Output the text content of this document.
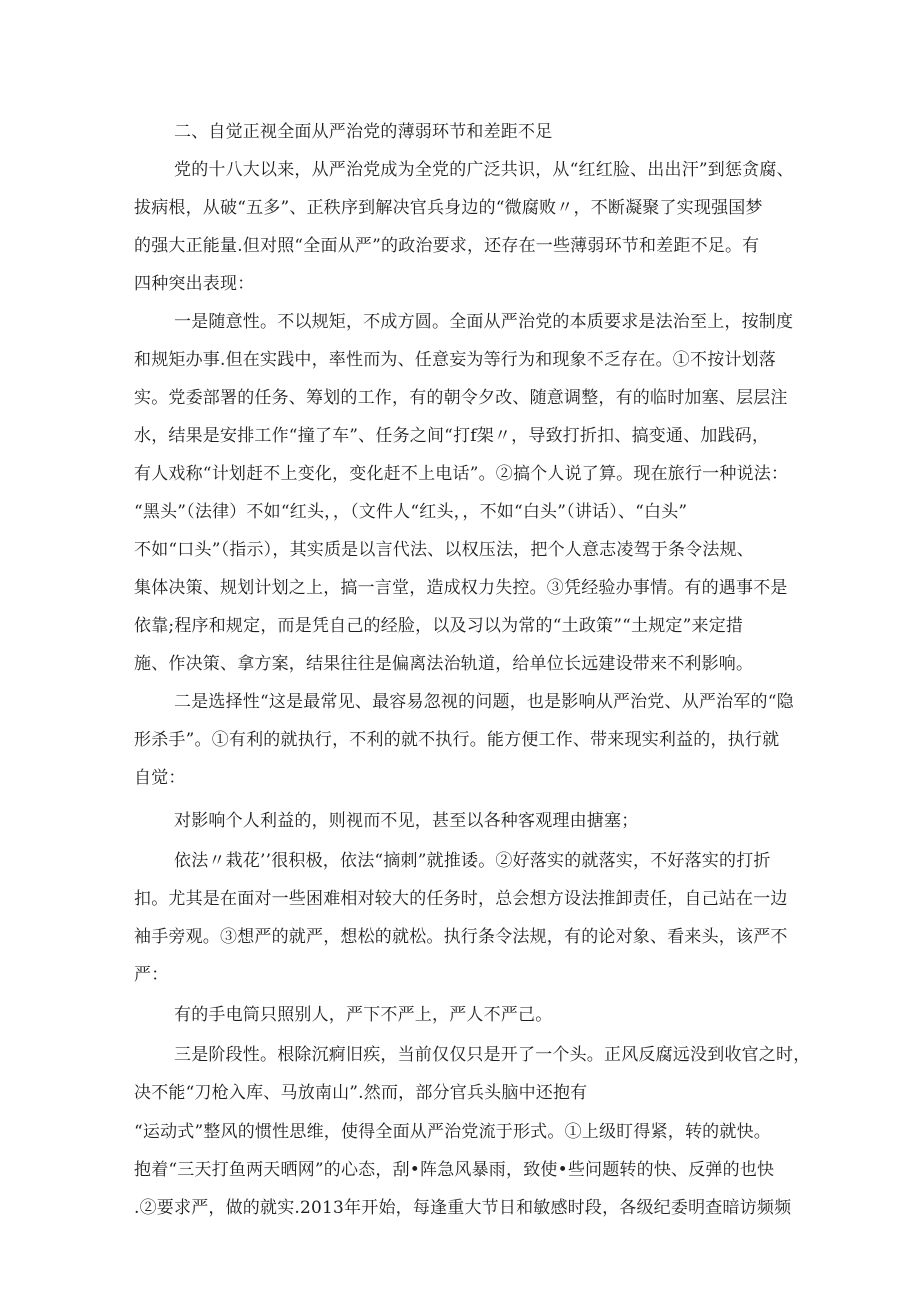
二、自觉正视全面从严治党的薄弱环节和差距不足
党的十八大以来，从严治党成为全党的广泛共识，从“红红脸、出出汗”到惩贪腐、
拔病根，从破“五多”、正秩序到解决官兵身边的“微腐败〃，不断凝聚了实现强国梦
的强大正能量.但对照“全面从严”的政治要求，还存在一些薄弱环节和差距不足。有
四种突出表现：
一是随意性。不以规矩，不成方圆。全面从严治党的本质要求是法治至上，按制度
和规矩办事.但在实践中，率性而为、任意妄为等行为和现象不乏存在。①不按计划落
实。党委部署的任务、筹划的工作，有的朝令夕改、随意调整，有的临时加塞、层层注
水，结果是安排工作“撞了车”、任务之间“打f架〃，导致打折扣、搞变通、加践码，
有人戏称“计划赶不上变化，变化赶不上电话”。②搞个人说了算。现在旅行一种说法：
“黑头”（法律）不如“红头，，（文件人“红头，，不如“白头”（讲话）、“白头”
不如“口头”（指示），其实质是以言代法、以权压法，把个人意志凌驾于条令法规、
集体决策、规划计划之上，搞一言堂，造成权力失控。③凭经验办事情。有的遇事不是
依靠;程序和规定，而是凭自己的经脸，以及习以为常的“土政策”“土规定”来定措
施、作决策、拿方案，结果往往是偏离法治轨道，给单位长远建设带来不利影响。
二是选择性“这是最常见、最容易忽视的问题，也是影响从严治党、从严治军的“隐
形杀手”。①有利的就执行，不利的就不执行。能方便工作、带来现实利益的，执行就
自觉：
对影响个人利益的，则视而不见，甚至以各种客观理由搪塞；
依法〃栽花’’很积极，依法“摘刺”就推诿。②好落实的就落实，不好落实的打折
扣。尤其是在面对一些困难相对较大的任务时，总会想方设法推卸责任，自己站在一边
袖手旁观。③想严的就严，想松的就松。执行条令法规，有的论对象、看来头，该严不
严：
有的手电筒只照别人，严下不严上，严人不严己。
三是阶段性。根除沉痾旧疾，当前仅仅只是开了一个头。正风反腐远没到收官之时，
决不能“刀枪入库、马放南山”.然而，部分官兵头脑中还抱有
“运动式”整风的惯性思维，使得全面从严治党流于形式。①上级盯得紧，转的就快。
抱着“三天打鱼两天晒网”的心态，刮•阵急风暴雨，致使•些问题转的快、反弹的也快
.②要求严，做的就实.2013年开始，每逢重大节日和敏感时段，各级纪委明查暗访频频
